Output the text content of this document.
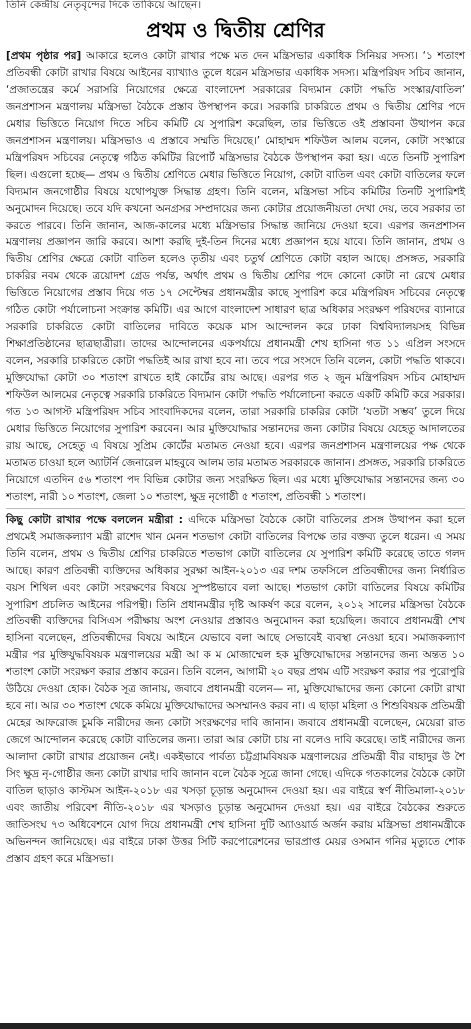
তিনি কেন্দ্রীয় নেতৃবৃন্দের দিকে তাকিয়ে আছেন।
প্রথম ও দ্বিতীয় শ্রেণির

[প্রথম পৃষ্ঠার পর] আকারে হলেও কোটা রাখার পক্ষে মত দেন মন্ত্রিসভার একাধিক সিনিয়র সদস্য। ‘১ শতাংশ প্রতিবন্ধী কোটা রাখার বিষয়ে আইনের ব্যাখ্যাও তুলে ধরেন মন্ত্রিসভার একাধিক সদস্য। মন্ত্রিপরিষদ সচিব জানান, ‘প্রজাতন্ত্রের কর্মে সরাসরি নিয়োগের ক্ষেত্রে বাংলাদেশ সরকারের বিদ্যমান কোটা পদ্ধতি সংস্কার/বাতিল’ জনপ্রশাসন মন্ত্রণালয় মন্ত্রিসভা বৈঠকে প্রস্তাব উপস্থাপন করে। সরকারি চাকরিতে প্রথম ও দ্বিতীয় শ্রেণির পদে মেধার ভিত্তিতে নিয়োগ দিতে সচিব কমিটি যে সুপারিশ করেছিল, তার ভিত্তিতে ওই প্রস্তাবনা উত্থাপন করে জনপ্রশাসন মন্ত্রণালয়। মন্ত্রিসভাও এ প্রস্তাবে সম্মতি দিয়েছে।’ মোহাম্মদ শফিউল আলম বলেন, কোটা সংস্কারে মন্ত্রিপরিষদ সচিবের নেতৃত্বে গঠিত কমিটির রিপোর্ট মন্ত্রিসভার বৈঠকে উপস্থাপন করা হয়। এতে তিনটি সুপারিশ ছিল। এগুলো হচ্ছে— প্রথম ও দ্বিতীয় শ্রেণিতে মেধার ভিত্তিতে নিয়োগ, কোটা বাতিল এবং কোটা বাতিলের ফলে বিদ্যমান জনগোষ্ঠীর বিষয়ে যথোপযুক্ত সিদ্ধান্ত গ্রহণ। তিনি বলেন, মন্ত্রিসভা সচিব কমিটির তিনটি সুপারিশই অনুমোদন দিয়েছে। তবে যদি কখনো অনগ্রসর সম্প্রদায়ের জন্য কোটার প্রয়োজনীয়তা দেখা দেয়, তবে সরকার তা করতে পারবে। তিনি জানান, আজ-কালের মধ্যে মন্ত্রিসভার সিদ্ধান্ত জানিয়ে দেওয়া হবে। এরপর জনপ্রশাসন মন্ত্রণালয় প্রজ্ঞাপন জারি করবে। আশা করছি দুই-তিন দিনের মধ্যে প্রজ্ঞাপন হয়ে যাবে। তিনি জানান, প্রথম ও দ্বিতীয় শ্রেণির ক্ষেত্রে কোটা বাতিল হলেও তৃতীয় এবং চতুর্থ শ্রেণিতে কোটা বহাল আছে। প্রসঙ্গত, সরকারি চাকরির নবম থেকে ত্রয়োদশ গ্রেড পর্যন্ত, অর্থাৎ প্রথম ও দ্বিতীয় শ্রেণির পদে কোনো কোটা না রেখে মেধার ভিত্তিতে নিয়োগের প্রস্তাব দিয়ে গত ১৭ সেপ্টেম্বর প্রধানমন্ত্রীর কাছে সুপারিশ করে মন্ত্রিপরিষদ সচিবের নেতৃত্বে গঠিত কোটা পর্যালোচনা সংক্রান্ত কমিটি। এর আগে বাংলাদেশ সাধারণ ছাত্র অধিকার সংরক্ষণ পরিষদের ব্যানারে সরকারি চাকরিতে কোটা বাতিলের দাবিতে কয়েক মাস আন্দোলন করে ঢাকা বিশ্ববিদ্যালয়সহ বিভিন্ন শিক্ষাপ্রতিষ্ঠানের ছাত্রছাত্রীরা। তাদের আন্দোলনের একপর্যায়ে প্রধানমন্ত্রী শেখ হাসিনা গত ১১ এপ্রিল সংসদে বলেন, সরকারি চাকরিতে কোটা পদ্ধতিই আর রাখা হবে না। তবে পরে সংসদে তিনি বলেন, কোটা পদ্ধতি থাকবে। মুক্তিযোদ্ধা কোটা ৩০ শতাংশ রাখতে হাই কোর্টের রায় আছে। এরপর গত ২ জুন মন্ত্রিপরিষদ সচিব মোহাম্মদ শফিউল আলমের নেতৃত্বে সরকারি চাকরিতে বিদ্যমান কোটা পদ্ধতি পর্যালোচনা করতে একটি কমিটি করে সরকার। গত ১৩ আগস্ট মন্ত্রিপরিষদ সচিব সাংবাদিকদের বলেন, তারা সরকারি চাকরির কোটা ‘যতটা সম্ভব’ তুলে দিয়ে মেধার ভিত্তিতে নিয়োগের সুপারিশ করবেন। আর মুক্তিযোদ্ধার সন্তানদের জন্য কোটার বিষয়ে যেহেতু আদালতের রায় আছে, সেহেতু এ বিষয়ে সুপ্রিম কোর্টের মতামত নেওয়া হবে। এরপর জনপ্রশাসন মন্ত্রণালয়ের পক্ষ থেকে মতামত চাওয়া হলে অ্যাটর্নি জেনারেল মাহবুবে আলম তার মতামত সরকারকে জানান। প্রসঙ্গত, সরকারি চাকরিতে নিয়োগে এতদিন ৫৬ শতাংশ পদ বিভিন্ন কোটার জন্য সংরক্ষিত ছিল। এর মধ্যে মুক্তিযোদ্ধার সন্তানদের জন্য ৩০ শতাংশ, নারী ১০ শতাংশ, জেলা ১০ শতাংশ, ক্ষুদ্র নৃগোষ্ঠী ৫ শতাংশ, প্রতিবন্ধী ১ শতাংশ।

কিছু কোটা রাখার পক্ষে বললেন মন্ত্রীরা : এদিকে মন্ত্রিসভা বৈঠকে কোটা বাতিলের প্রসঙ্গ উত্থাপন করা হলে প্রথমেই সমাজকল্যাণ মন্ত্রী রাশেদ খান মেনন শতভাগ কোটা বাতিলের বিপক্ষে তার বক্তব্য তুলে ধরেন। এ সময় তিনি বলেন, প্রথম ও দ্বিতীয় শ্রেণির চাকরিতে শতভাগ কোটা বাতিলের যে সুপারিশ কমিটি করেছে তাতে গলদ আছে। কারণ প্রতিবন্ধী ব্যক্তিদের অধিকার সুরক্ষা আইন-২০১৩ এর দশম তফসিলে প্রতিবন্ধীদের জন্য নির্ধারিত বয়স শিথিল এবং কোটা সংরক্ষণের বিষয়ে সুস্পষ্টভাবে বলা আছে। শতভাগ কোটা বাতিলের বিষয়ে কমিটির সুপারিশ প্রচলিত আইনের পরিপন্থী। তিনি প্রধানমন্ত্রীর দৃষ্টি আকর্ষণ করে বলেন, ২০১২ সালের মন্ত্রিসভা বৈঠকে প্রতিবন্ধী ব্যক্তিদের বিসিএস পরীক্ষায় অংশ নেওয়ার প্রস্তাবও অনুমোদন করা হয়েছিল। জবাবে প্রধানমন্ত্রী শেখ হাসিনা বলেছেন, প্রতিবন্ধীদের বিষয়ে আইনে যেভাবে বলা আছে সেভাবেই ব্যবস্থা নেওয়া হবে। সমাজকল্যাণ মন্ত্রীর পর মুক্তিযুদ্ধবিষয়ক মন্ত্রণালয়ের মন্ত্রী আ ক ম মোজাম্মেল হক মুক্তিযোদ্ধাদের সন্তানদের জন্য অন্তত ১০ শতাংশ কোটা সংরক্ষণ করার প্রস্তাব করেন। তিনি বলেন, আগামী ২০ বছর প্রথম এটি সংরক্ষণ করার পর পুরোপুরি উঠিয়ে দেওয়া হোক। বৈঠক সূত্র জানায়, জবাবে প্রধানমন্ত্রী বলেন— না, মুক্তিযোদ্ধাদের জন্য কোনো কোটা রাখা হবে না। আর ৩০ শতাংশ থেকে কমিয়ে মুক্তিযোদ্ধাদের অসম্মানও করব না। এ ছাড়া মহিলা ও শিশুবিষয়ক প্রতিমন্ত্রী মেহের আফরোজ চুমকি নারীদের জন্য কোটা সংরক্ষণের দাবি জানান। জবাবে প্রধানমন্ত্রী বলেছেন, মেয়েরা রাত জেগে আন্দোলন করেছে কোটা বাতিলের জন্য। তারা আর কোটা চায় না বলেও দাবি করেছে। তাই নারীদের জন্য আলাদা কোটা রাখার প্রয়োজন নেই। একইভাবে পার্বত্য চট্টগ্রামবিষয়ক মন্ত্রণালয়ের প্রতিমন্ত্রী বীর বাহাদুর উ শৈ সিং ক্ষুদ্র নৃ-গোষ্ঠীর জন্য কোটা রাখার দাবি জানান বলে বৈঠক সূত্রে জানা গেছে। এদিকে গতকালের বৈঠকে কোটা বাতিল ছাড়াও কাস্টমস আইন-২০১৮ এর খসড়া চূড়ান্ত অনুমোদন দেওয়া হয়। এর বাইরে স্বর্ণ নীতিমালা-২০১৮ এবং জাতীয় পরিবেশ নীতি-২০১৮ এর খসড়াও চূড়ান্ত অনুমোদন দেওয়া হয়। এর বাইরে বৈঠকের শুরুতে জাতিসংঘ ৭৩ অধিবেশনে যোগ দিয়ে প্রধানমন্ত্রী শেখ হাসিনা দুটি অ্যাওয়ার্ড অর্জন করায় মন্ত্রিসভা প্রধানমন্ত্রীকে অভিনন্দন জানিয়েছে। এর বাইরে ঢাকা উত্তর সিটি করপোরেশনের ভারপ্রাপ্ত মেয়র ওসমান গনির মৃত্যুতে শোক প্রস্তাব গ্রহণ করে মন্ত্রিসভা।
